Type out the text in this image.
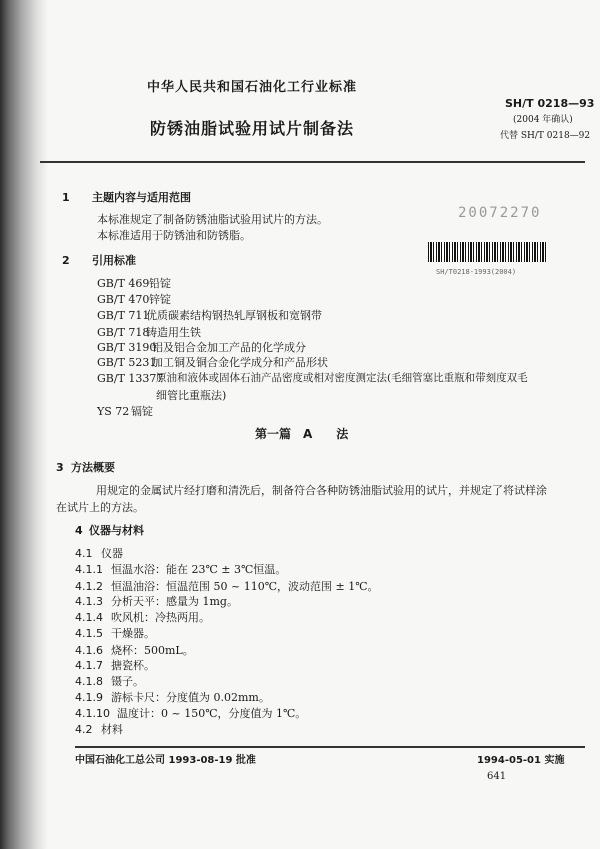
中华人民共和国石油化工行业标准
防锈油脂试验用试片制备法
SH/T 0218—93
(2004 年确认)
代替 SH/T 0218—92
20072270
SH/T0218-1993(2004)
1 主题内容与适用范围
本标准规定了制备防锈油脂试验用试片的方法。
本标准适用于防锈油和防锈脂。
2 引用标准
GB/T 469 铅锭
GB/T 470 锌锭
GB/T 711
优质碳素结构钢热轧厚钢板和宽钢带
GB/T 718
铸造用生铁
GB/T 3190
铝及铝合金加工产品的化学成分
GB/T 5231
加工铜及铜合金化学成分和产品形状
GB/T 13377
原油和液体或固体石油产品密度或相对密度测定法(毛细管塞比重瓶和带刻度双毛
细管比重瓶法)
YS 72 镉锭
第一篇　A　　法
3 方法概要
用规定的金属试片经打磨和清洗后，制备符合各种防锈油脂试验用的试片，并规定了将试样涂
在试片上的方法。
4 仪器与材料
4.1 仪器
4.1.1 恒温水浴：能在 23℃ ± 3℃恒温。
4.1.2 恒温油浴：恒温范围 50 ~ 110℃，波动范围 ± 1℃。
4.1.3 分析天平：感量为 1mg。
4.1.4 吹风机：冷热两用。
4.1.5 干燥器。
4.1.6 烧杯：500mL。
4.1.7 搪瓷杯。
4.1.8 镊子。
4.1.9 游标卡尺：分度值为 0.02mm。
4.1.10 温度计：0 ~ 150℃，分度值为 1℃。
4.2 材料
中国石油化工总公司 1993-08-19 批准	1994-05-01 实施
641
